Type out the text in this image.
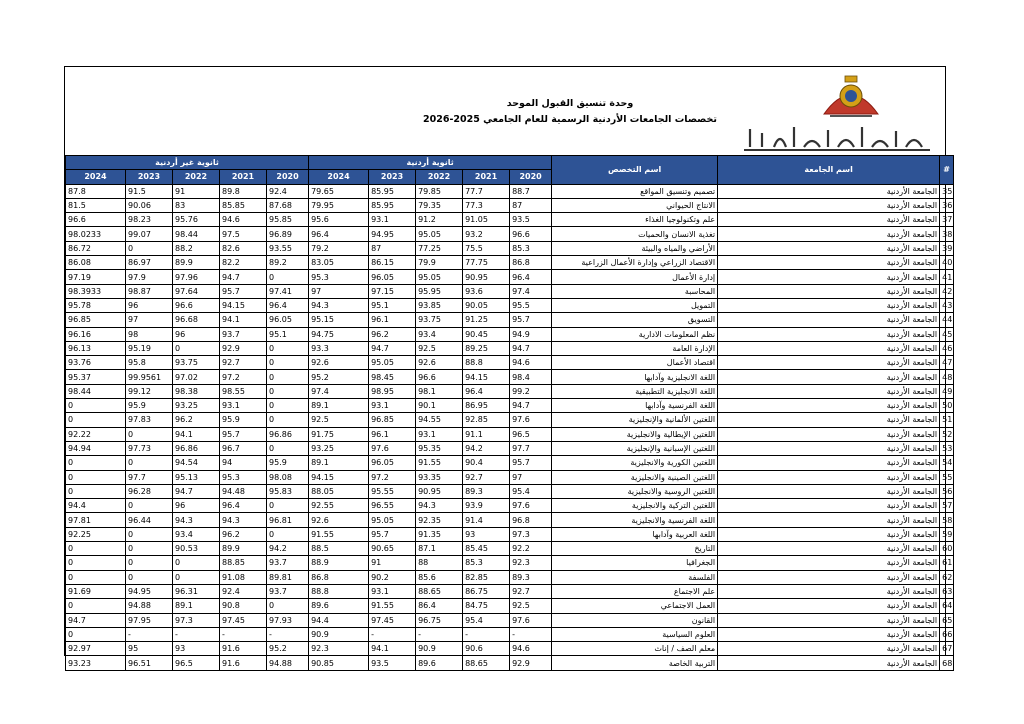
وحدة تنسيق القبول الموحد
تخصصات الجامعات الأردنية الرسمية للعام الجامعي 2025-2026
ثانوية غير أردنية					ثانوية أردنية					اسم التخصص	اسم الجامعة	#
2024	2023	2022	2021	2020	2024	2023	2022	2021	2020			
87.8	91.5	91	89.8	92.4	79.65	85.95	79.85	77.7	88.7	تصميم وتنسيق المواقع	الجامعة الأردنية	35
81.5	90.06	83	85.85	87.68	79.95	85.95	79.35	77.3	87	الانتاج الحيواني	الجامعة الأردنية	36
96.6	98.23	95.76	94.6	95.85	95.6	93.1	91.2	91.05	93.5	علم وتكنولوجيا الغذاء	الجامعة الأردنية	37
98.0233	99.07	98.44	97.5	96.89	96.4	94.95	95.05	93.2	96.6	تغذية الانسان والحميات	الجامعة الأردنية	38
86.72	0	88.2	82.6	93.55	79.2	87	77.25	75.5	85.3	الأراضي والمياه والبيئة	الجامعة الأردنية	39
86.08	86.97	89.9	82.2	89.2	83.05	86.15	79.9	77.75	86.8	الاقتصاد الزراعي وإدارة الأعمال الزراعية	الجامعة الأردنية	40
97.19	97.9	97.96	94.7	0	95.3	96.05	95.05	90.95	96.4	إدارة الأعمال	الجامعة الأردنية	41
98.3933	98.87	97.64	95.7	97.41	97	97.15	95.95	93.6	97.4	المحاسبة	الجامعة الأردنية	42
95.78	96	96.6	94.15	96.4	94.3	95.1	93.85	90.05	95.5	التمويل	الجامعة الأردنية	43
96.85	97	96.68	94.1	96.05	95.15	96.1	93.75	91.25	95.7	التسويق	الجامعة الأردنية	44
96.16	98	96	93.7	95.1	94.75	96.2	93.4	90.45	94.9	نظم المعلومات الادارية	الجامعة الأردنية	45
96.13	95.19	0	92.9	0	93.3	94.7	92.5	89.25	94.7	الإدارة العامة	الجامعة الأردنية	46
93.76	95.8	93.75	92.7	0	92.6	95.05	92.6	88.8	94.6	اقتصاد الأعمال	الجامعة الأردنية	47
95.37	99.9561	97.02	97.2	0	95.2	98.45	96.6	94.15	98.4	اللغة الانجليزية وآدابها	الجامعة الأردنية	48
98.44	99.12	98.38	98.55	0	97.4	98.95	98.1	96.4	99.2	اللغة الانجليزية التطبيقية	الجامعة الأردنية	49
0	95.9	93.25	93.1	0	89.1	93.1	90.1	86.95	94.7	اللغة الفرنسية وآدابها	الجامعة الأردنية	50
0	97.83	96.2	95.9	0	92.5	96.85	94.55	92.85	97.6	اللغتين الألمانية والإنجليزية	الجامعة الأردنية	51
92.22	0	94.1	95.7	96.86	91.75	96.1	93.1	91.1	96.5	اللغتين الإيطالية والانجليزية	الجامعة الأردنية	52
94.94	97.73	96.86	96.7	0	93.25	97.6	95.35	94.2	97.7	اللغتين الإسبانية والإنجليزية	الجامعة الأردنية	53
0	0	94.54	94	95.9	89.1	96.05	91.55	90.4	95.7	اللغتين الكورية والانجليزية	الجامعة الأردنية	54
0	97.7	95.13	95.3	98.08	94.15	97.2	93.35	92.7	97	اللغتين الصينية والانجليزية	الجامعة الأردنية	55
0	96.28	94.7	94.48	95.83	88.05	95.55	90.95	89.3	95.4	اللغتين الروسية والانجليزية	الجامعة الأردنية	56
94.4	0	96	96.4	0	92.55	96.55	94.3	93.9	97.6	اللغتين التركية والانجليزية	الجامعة الأردنية	57
97.81	96.44	94.3	94.3	96.81	92.6	95.05	92.35	91.4	96.8	اللغة الفرنسية والانجليزية	الجامعة الأردنية	58
92.25	0	93.4	96.2	0	91.55	95.7	91.35	93	97.3	اللغة العربية وآدابها	الجامعة الأردنية	59
0	0	90.53	89.9	94.2	88.5	90.65	87.1	85.45	92.2	التاريخ	الجامعة الأردنية	60
0	0	0	88.85	93.7	88.9	91	88	85.3	92.3	الجغرافيا	الجامعة الأردنية	61
0	0	0	91.08	89.81	86.8	90.2	85.6	82.85	89.3	الفلسفة	الجامعة الأردنية	62
91.69	94.95	96.31	92.4	93.7	88.8	93.1	88.65	86.75	92.7	علم الاجتماع	الجامعة الأردنية	63
0	94.88	89.1	90.8	0	89.6	91.55	86.4	84.75	92.5	العمل الاجتماعي	الجامعة الأردنية	64
94.7	97.95	97.3	97.45	97.93	94.4	97.45	96.75	95.4	97.6	القانون	الجامعة الأردنية	65
0	-	-	-	-	90.9	-	-	-	-	العلوم السياسية	الجامعة الأردنية	66
92.97	95	93	91.6	95.2	92.3	94.1	90.9	90.6	94.6	معلم الصف / إناث	الجامعة الأردنية	67
93.23	96.51	96.5	91.6	94.88	90.85	93.5	89.6	88.65	92.9	التربية الخاصة	الجامعة الأردنية	68
